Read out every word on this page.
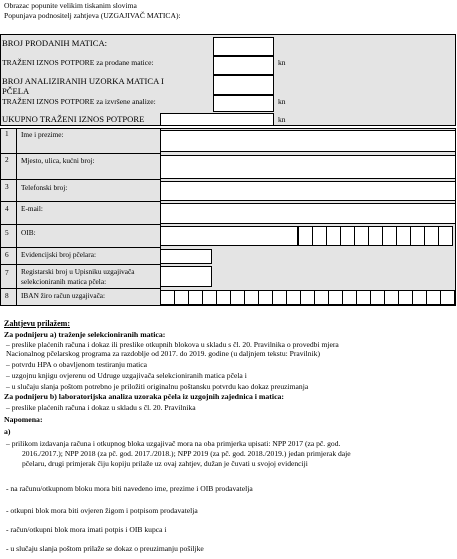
Obrazac popunite velikim tiskanim slovima
Popunjava podnositelj zahtjeva (UZGAJIVAČ MATICA):
BROJ PRODANIH MATICA:
TRAŽENI IZNOS POTPORE za prodane matice:	kn
BROJ ANALIZIRANIH UZORKA MATICA I
PČELA
TRAŽENI IZNOS POTPORE za izvršene analize:	kn
UKUPNO TRAŽENI IZNOS POTPORE	kn
1 Ime i prezime:
2 Mjesto, ulica, kućni broj:
3 Telefonski broj:
4 E-mail:
5 OIB:
6 Evidencijski broj pčelara:
7 Registarski broj u Upisniku uzgajivača
selekcioniranih matica pčela:
8 IBAN žiro račun uzgajivača:
Zahtjevu prilažem:
Za podnijeru a) traženje selekcioniranih matica:
– preslike plaćenih računa i dokaz ili preslike otkupnih blokova u skladu s čl. 20. Pravilnika o provedbi mjera
Nacionalnog pčelarskog programa za razdoblje od 2017. do 2019. godine (u daljnjem tekstu: Pravilnik)
– potvrdu HPA o obavljenom testiranju matica
– uzgojnu knjigu ovjerenu od Udruge uzgajivača selekcioniranih matica pčela i
– u slučaju slanja poštom potrebno je priložiti originalnu poštansku potvrdu kao dokaz preuzimanja
Za podnijeru b) laboratorijska analiza uzoraka pčela iz uzgojnih zajednica i matica:
– preslike plaćenih računa i dokaz u skladu s čl. 20. Pravilnika
Napomena:
a)
– prilikom izdavanja računa i otkupnog bloka uzgajivač mora na oba primjerka upisati: NPP 2017 (za pč. god.
2016./2017.); NPP 2018 (za pč. god. 2017./2018.); NPP 2019 (za pč. god. 2018./2019.) jedan primjerak daje
pčelaru, drugi primjerak čiju kopiju prilaže uz ovaj zahtjev, dužan je čuvati u svojoj evidenciji
- na računu/otkupnom bloku mora biti navedeno ime, prezime i OIB prodavatelja
- otkupni blok mora biti ovjeren žigom i potpisom prodavatelja
- račun/otkupni blok mora imati potpis i OIB kupca i
- u slučaju slanja poštom prilaže se dokaz o preuzimanju pošiljke
